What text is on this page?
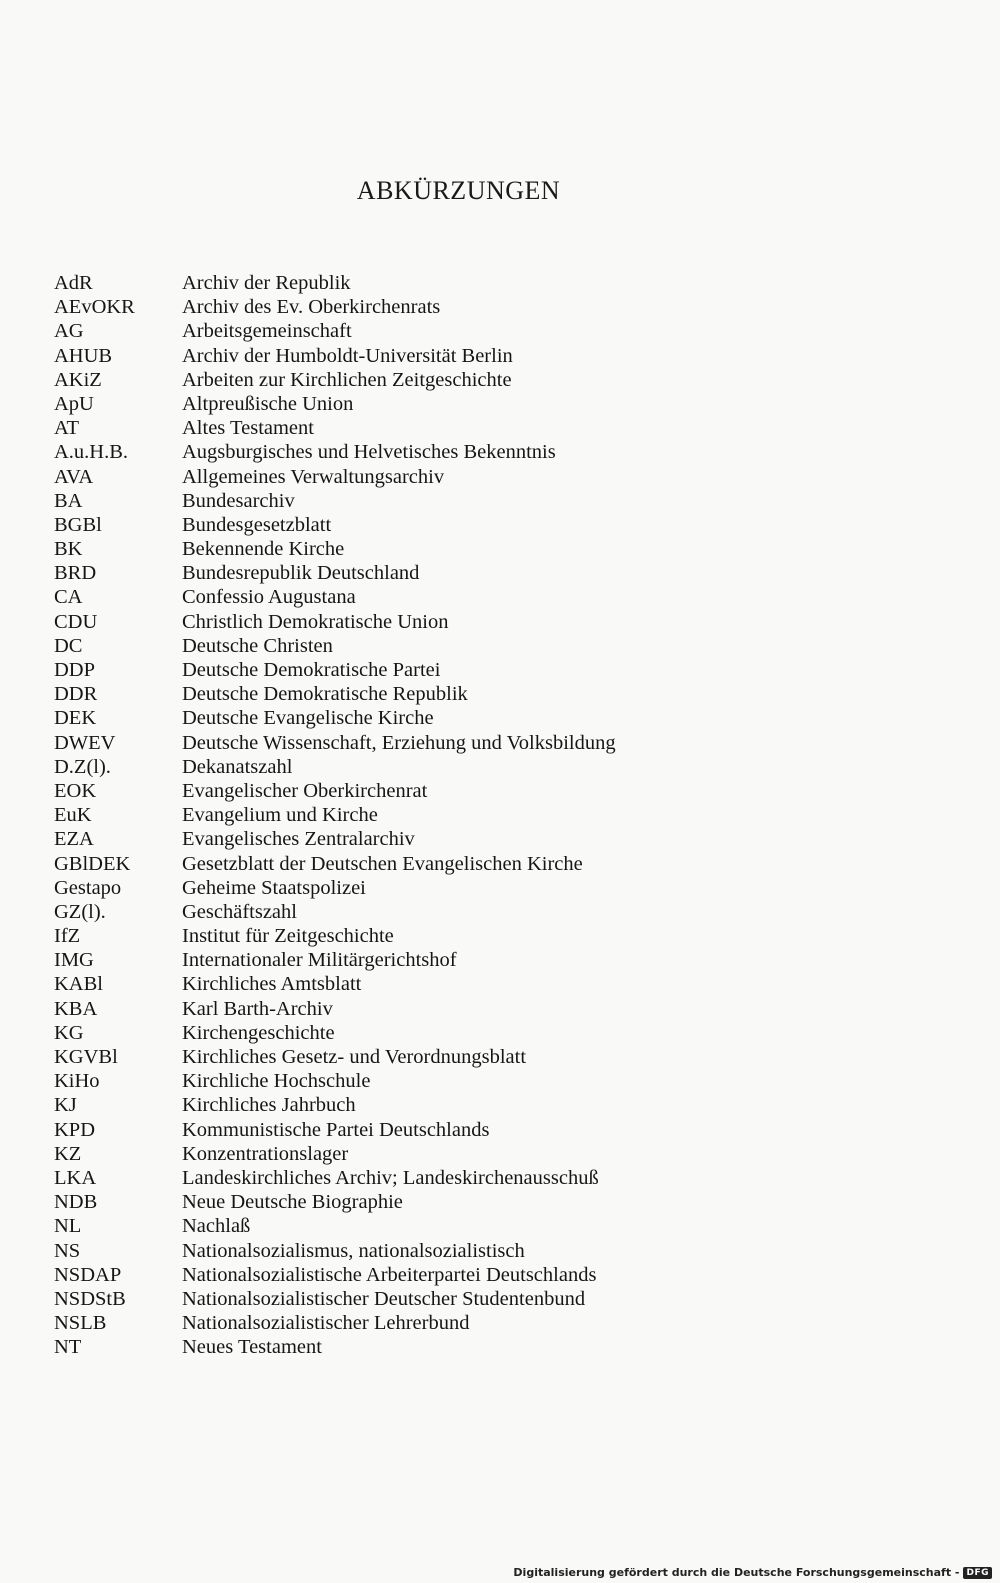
ABKÜRZUNGEN
AdR	Archiv der Republik
AEvOKR	Archiv des Ev. Oberkirchenrats
AG	Arbeitsgemeinschaft
AHUB	Archiv der Humboldt-Universität Berlin
AKiZ	Arbeiten zur Kirchlichen Zeitgeschichte
ApU	Altpreußische Union
AT	Altes Testament
A.u.H.B.	Augsburgisches und Helvetisches Bekenntnis
AVA	Allgemeines Verwaltungsarchiv
BA	Bundesarchiv
BGBl	Bundesgesetzblatt
BK	Bekennende Kirche
BRD	Bundesrepublik Deutschland
CA	Confessio Augustana
CDU	Christlich Demokratische Union
DC	Deutsche Christen
DDP	Deutsche Demokratische Partei
DDR	Deutsche Demokratische Republik
DEK	Deutsche Evangelische Kirche
DWEV	Deutsche Wissenschaft, Erziehung und Volksbildung
D.Z(l).	Dekanatszahl
EOK	Evangelischer Oberkirchenrat
EuK	Evangelium und Kirche
EZA	Evangelisches Zentralarchiv
GBlDEK	Gesetzblatt der Deutschen Evangelischen Kirche
Gestapo	Geheime Staatspolizei
GZ(l).	Geschäftszahl
IfZ	Institut für Zeitgeschichte
IMG	Internationaler Militärgerichtshof
KABl	Kirchliches Amtsblatt
KBA	Karl Barth-Archiv
KG	Kirchengeschichte
KGVBl	Kirchliches Gesetz- und Verordnungsblatt
KiHo	Kirchliche Hochschule
KJ	Kirchliches Jahrbuch
KPD	Kommunistische Partei Deutschlands
KZ	Konzentrationslager
LKA	Landeskirchliches Archiv; Landeskirchenausschuß
NDB	Neue Deutsche Biographie
NL	Nachlaß
NS	Nationalsozialismus, nationalsozialistisch
NSDAP	Nationalsozialistische Arbeiterpartei Deutschlands
NSDStB	Nationalsozialistischer Deutscher Studentenbund
NSLB	Nationalsozialistischer Lehrerbund
NT	Neues Testament
Digitalisierung gefördert durch die Deutsche Forschungsgemeinschaft - DFG
